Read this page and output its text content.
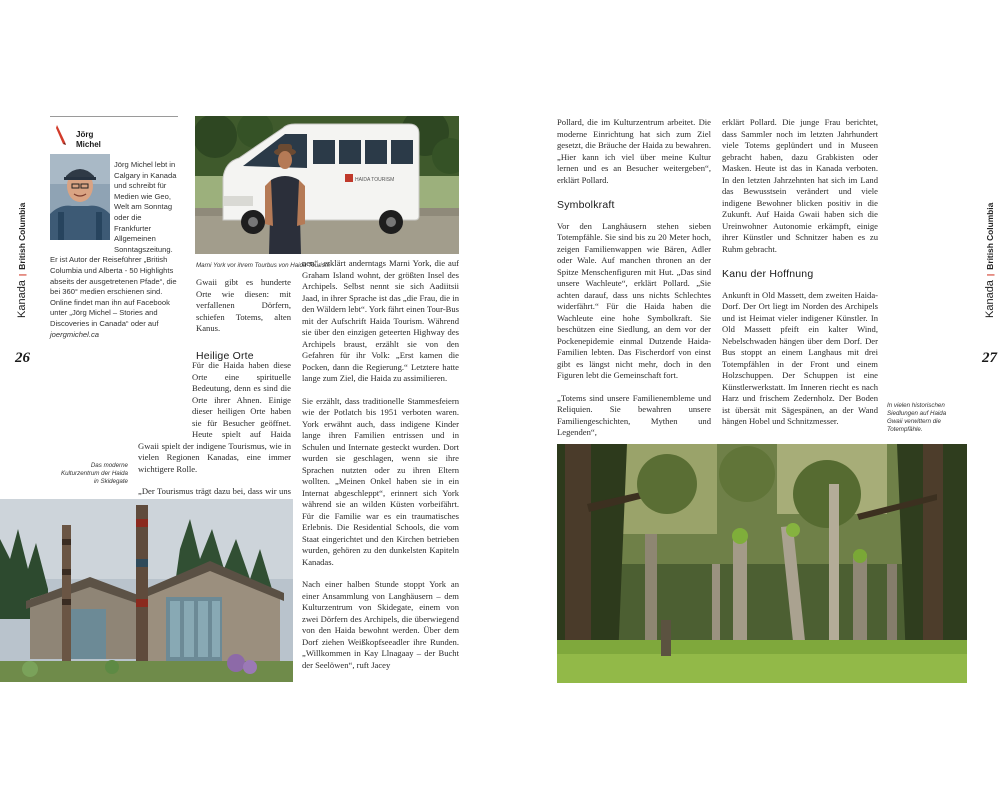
Kanada|British Columbia
26
Jörg
Michel
Jörg Michel lebt in Calgary in Kanada und schreibt für Medien wie Geo, Welt am Sonntag oder die Frankfurter Allgemeinen Sonntagszeitung. Er ist Autor der Reiseführer „British Columbia und Alberta - 50 Highlights abseits der ausgetretenen Pfade“, die bei 360° medien erschienen sind. Online findet man ihn auf Facebook unter „Jörg Michel – Stories and Discoveries in Canada“ oder auf joergmichel.ca
HAIDA TOURISM
Marni York vor ihrem Tourbus von Haida Tourism

Gwaii gibt es hunderte Orte wie diesen: mit verfallenen Dörfern, schiefen Totems, alten Kanus.

Heilige Orte

Für die Haida haben diese Orte eine spirituelle Bedeutung, denn es sind die Orte ihrer Ahnen. Einige dieser heiligen Orte haben sie für Besucher geöffnet. Heute spielt auf Haida Gwaii spielt der indigene Tourismus, wie in vielen Regionen Kanadas, eine immer wichtigere Rolle.

„Der Tourismus trägt dazu bei, dass wir uns

Das moderne Kulturzentrum der Haida in Skidegate

nen“, erklärt anderntags Marni York, die auf Graham Island wohnt, der größten Insel des Archipels. Selbst nennt sie sich Aadiitsii Jaad, in ihrer Sprache ist das „die Frau, die in den Wäldern lebt“. York fährt einen Tour-Bus mit der Aufschrift Haida Tourism. Während sie über den einzigen geteerten Highway des Archipels braust, erzählt sie von den Gefahren für ihr Volk: „Erst kamen die Pocken, dann die Regierung.“ Letztere hatte lange zum Ziel, die Haida zu assimilieren.

Sie erzählt, dass traditionelle Stammesfeiern wie der Potlatch bis 1951 verboten waren. York erwähnt auch, dass indigene Kinder lange ihren Familien entrissen und in Schulen und Internate gesteckt wurden. Dort wurden sie geschlagen, wenn sie ihre Sprachen nutzten oder zu ihren Eltern wollten. „Meinen Onkel haben sie in ein Internat abgeschleppt“, erinnert sich York während sie an wilden Küsten vorbeifährt. Für die Familie war es ein traumatisches Erlebnis. Die Residential Schools, die vom Staat eingerichtet und den Kirchen betrieben wurden, gehören zu den dunkelsten Kapiteln Kanadas.

Nach einer halben Stunde stoppt York an einer Ansammlung von Langhäusern – dem Kulturzentrum von Skidegate, einem von zwei Dörfern des Archipels, die überwiegend von den Haida bewohnt werden. Über dem Dorf ziehen Weißkopfseeadler ihre Runden. „Willkommen in Kay Llnagaay – der Bucht der Seelöwen“, ruft Jacey

Pollard, die im Kulturzentrum arbeitet. Die moderne Einrichtung hat sich zum Ziel gesetzt, die Bräuche der Haida zu bewahren. „Hier kann ich viel über meine Kultur lernen und es an Besucher weitergeben“, erklärt Pollard.

Symbolkraft

Vor den Langhäusern stehen sieben Totempfähle. Sie sind bis zu 20 Meter hoch, zeigen Familienwappen wie Bären, Adler oder Wale. Auf manchen thronen an der Spitze Menschenfiguren mit Hut. „Das sind unsere Wachleute“, erklärt Pollard. „Sie achten darauf, dass uns nichts Schlechtes widerfährt.“ Für die Haida haben die Wachleute eine hohe Symbolkraft. Sie beschützen eine Siedlung, an dem vor der Pockenepidemie einmal Dutzende Haida-Familien lebten. Das Fischerdorf von einst gibt es längst nicht mehr, doch in den Figuren lebt die Gemeinschaft fort.

„Totems sind unsere Familienembleme und Reliquien. Sie bewahren unsere Familiengeschichten, Mythen und Legenden“,

erklärt Pollard. Die junge Frau berichtet, dass Sammler noch im letzten Jahrhundert viele Totems geplündert und in Museen gebracht haben, dazu Grabkisten oder Masken. Heute ist das in Kanada verboten. In den letzten Jahrzehnten hat sich im Land das Bewusstsein verändert und viele indigene Bewohner blicken positiv in die Zukunft. Auf Haida Gwaii haben sich die Ureinwohner Autonomie erkämpft, einige ihrer Künstler und Schnitzer haben es zu Ruhm gebracht.

Kanu der Hoffnung

Ankunft in Old Massett, dem zweiten Haida-Dorf. Der Ort liegt im Norden des Archipels und ist Heimat vieler indigener Künstler. In Old Massett pfeift ein kalter Wind, Nebelschwaden hängen über dem Dorf. Der Bus stoppt an einem Langhaus mit drei Totempfählen in der Front und einem Holzschuppen. Der Schuppen ist eine Künstlerwerkstatt. Im Inneren riecht es nach Harz und frischem Zedernholz. Der Boden ist übersät mit Sägespänen, an der Wand hängen Hobel und Schnitzmesser.

In vielen historischen Siedlungen auf Haida Gwaii verwittern die Totempfähle.
Kanada|British Columbia
27
